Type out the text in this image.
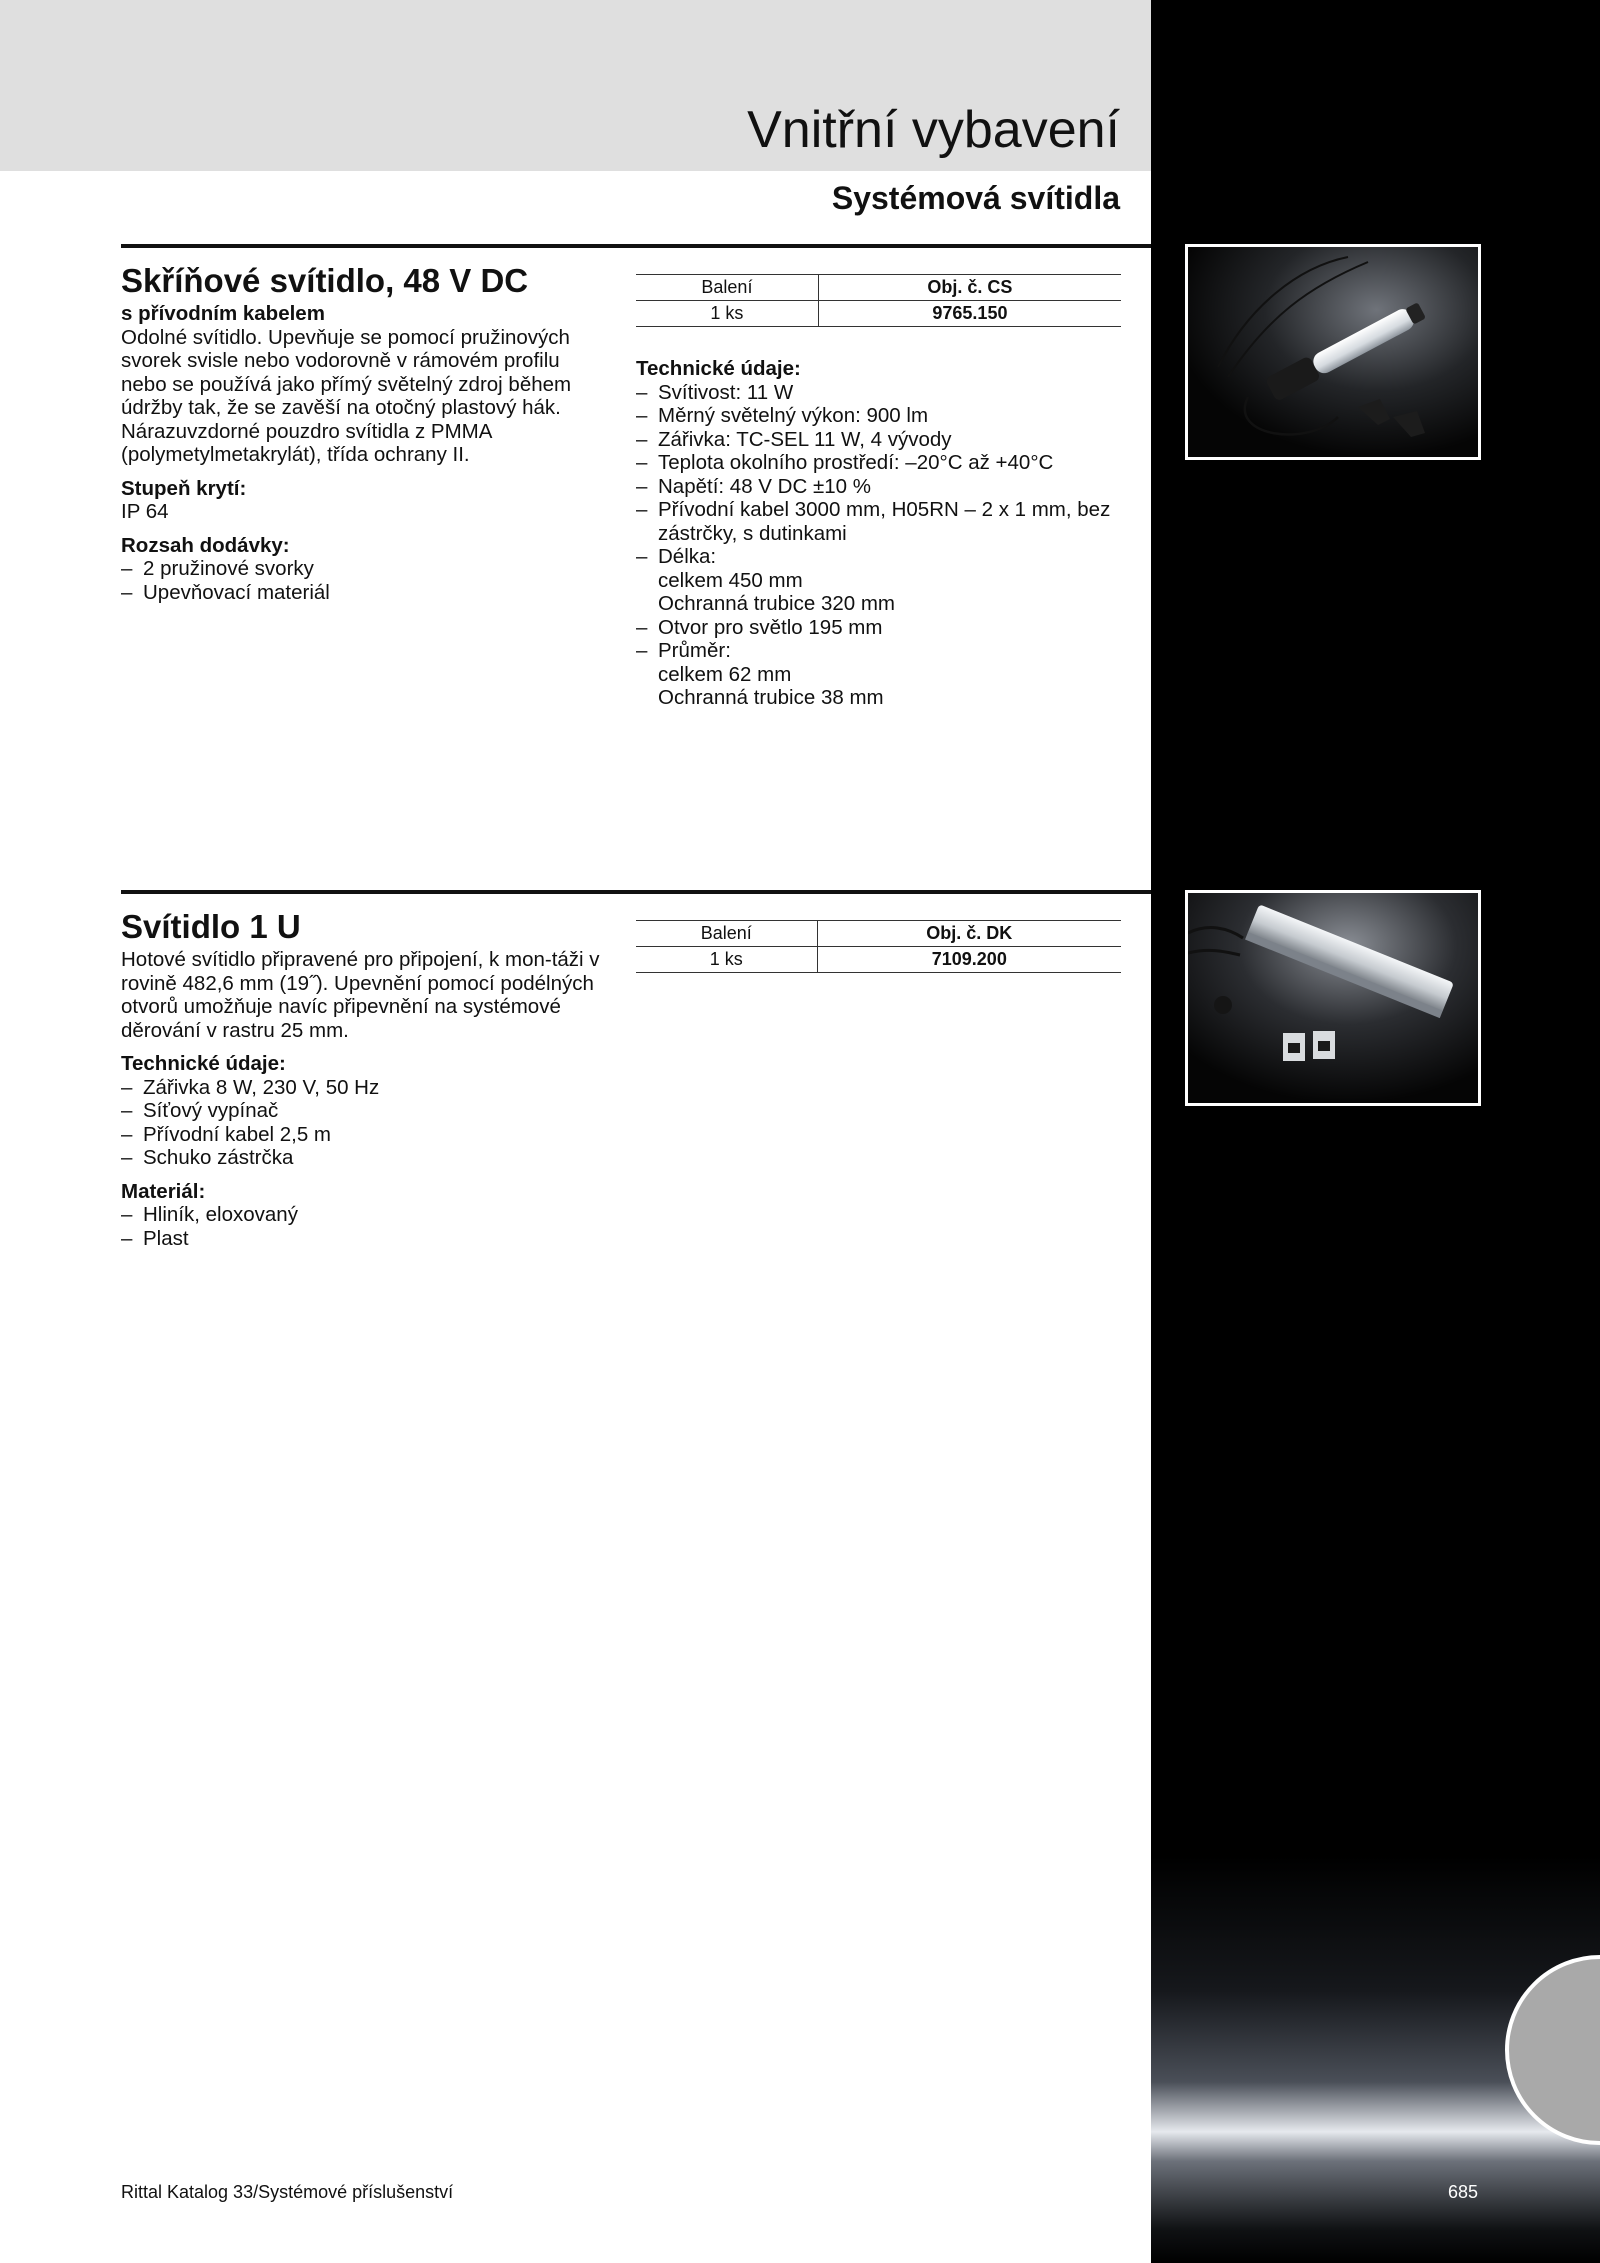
Vnitřní vybavení
Systémová svítidla
Skříňové svítidlo, 48 V DC

s přívodním kabelem

Odolné svítidlo. Upevňuje se pomocí pružinových svorek svisle nebo vodorovně v rámovém profilu nebo se používá jako přímý světelný zdroj během údržby tak, že se zavěší na otočný plastový hák. Nárazuvzdorné pouzdro svítidla z PMMA (polymetylmetakrylát), třída ochrany II.

Stupeň krytí:

IP 64

Rozsah dodávky:

– 2 pružinové svorky
– Upevňovací materiál
Balení	Obj. č. CS
1 ks	9765.150

Technické údaje:

– Svítivost: 11 W
– Měrný světelný výkon: 900 lm
– Zářivka: TC-SEL 11 W, 4 vývody
– Teplota okolního prostředí: –20°C až +40°C
– Napětí: 48 V DC ±10 %
– Přívodní kabel 3000 mm, H05RN – 2 x 1 mm, bez zástrčky, s dutinkami
– Délka:
celkem 450 mm
Ochranná trubice 320 mm
– Otvor pro světlo 195 mm
– Průměr:
celkem 62 mm
Ochranná trubice 38 mm
Svítidlo 1 U

Hotové svítidlo připravené pro připojení, k mon-táži v rovině 482,6 mm (19˝). Upevnění pomocí podélných otvorů umožňuje navíc připevnění na systémové děrování v rastru 25 mm.

Technické údaje:

– Zářivka 8 W, 230 V, 50 Hz
– Síťový vypínač
– Přívodní kabel 2,5 m
– Schuko zástrčka

Materiál:

– Hliník, eloxovaný
– Plast
Balení	Obj. č. DK
1 ks	7109.200
Rittal Katalog 33/Systémové příslušenství	685
